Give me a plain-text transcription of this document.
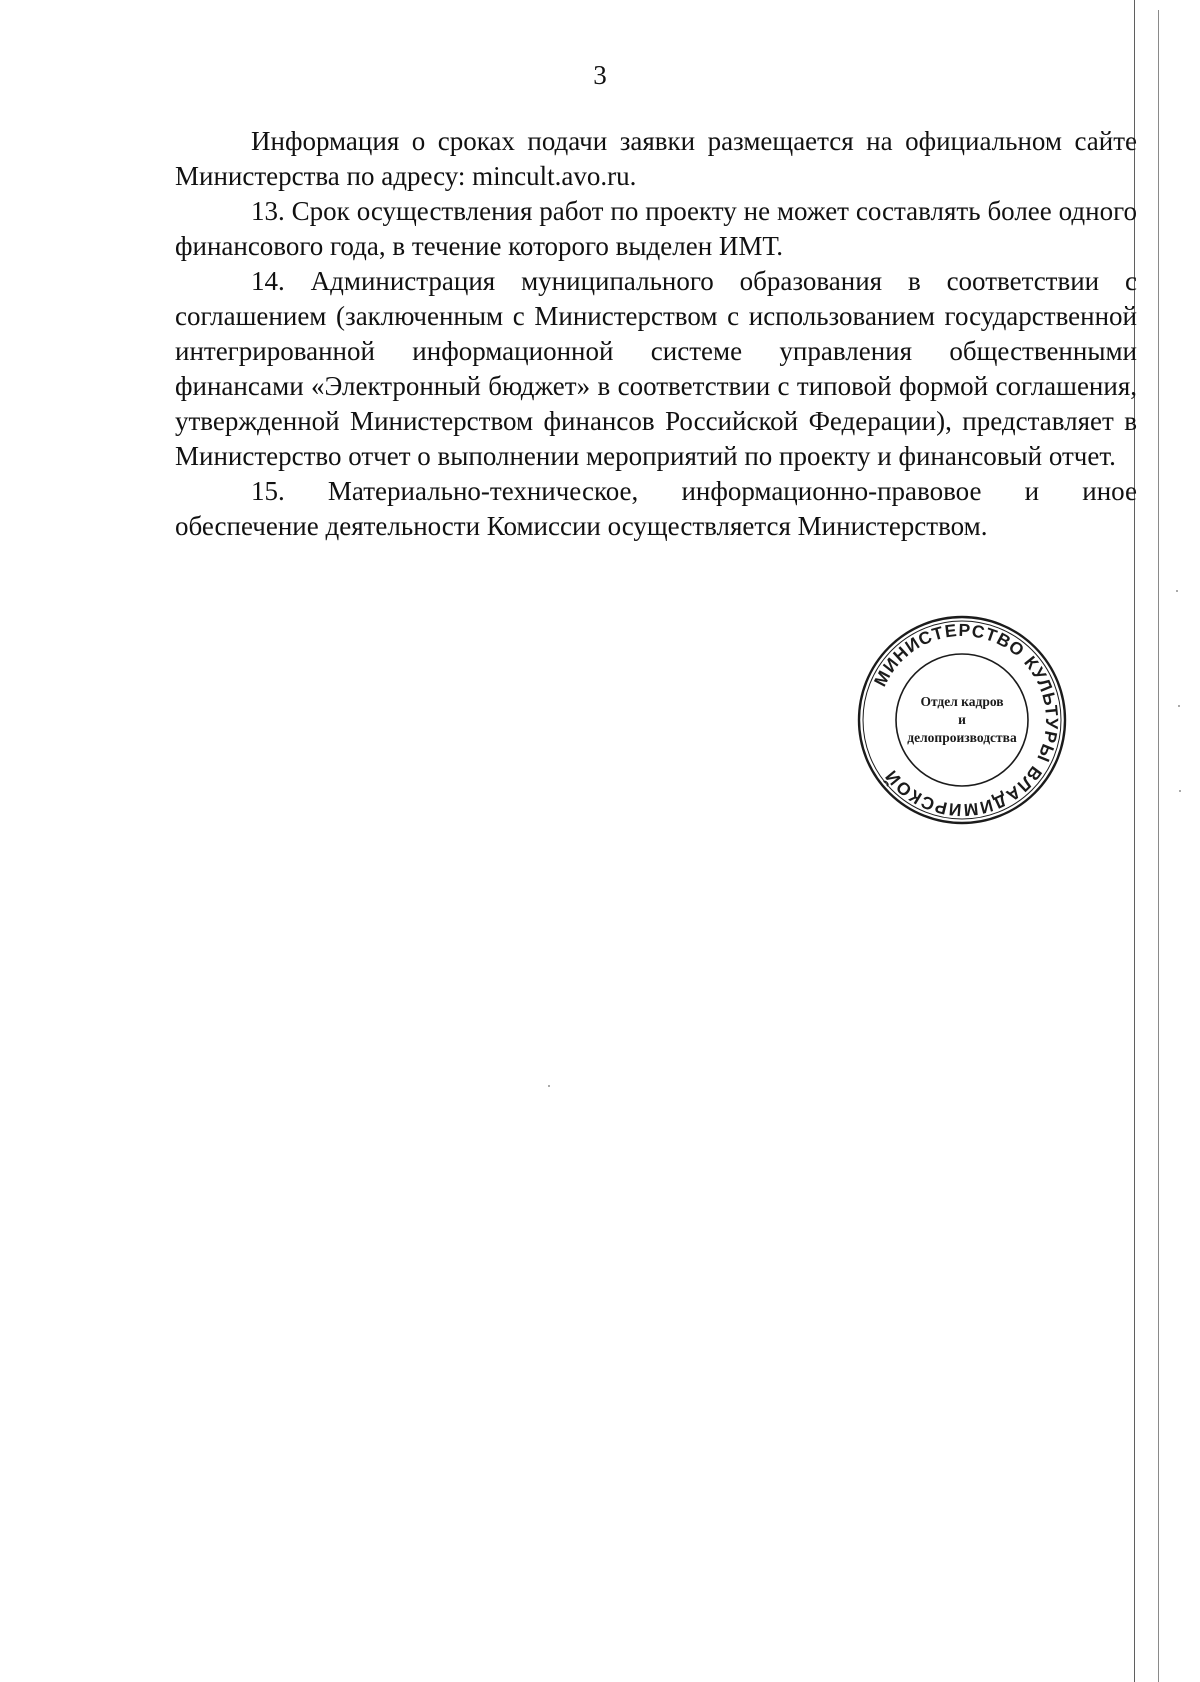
3

Информация о сроках подачи заявки размещается на официальном сайте Министерства по адресу: mincult.avo.ru.

13. Срок осуществления работ по проекту не может составлять более одного финансового года, в течение которого выделен ИМТ.

14. Администрация муниципального образования в соответствии с соглашением (заключенным с Министерством с использованием государственной интегрированной информационной системе управления общественными финансами «Электронный бюджет» в соответствии с типовой формой соглашения, утвержденной Министерством финансов Российской Федерации), представляет в Министерство отчет о выполнении мероприятий по проекту и финансовый отчет.

15. Материально-техническое, информационно-правовое и иное обеспечение деятельности Комиссии осуществляется Министерством.

МИНИСТЕРСТВО КУЛЬТУРЫ ВЛАДИМИРСКОЙ
Отдел кадров
и
делопроизводства
